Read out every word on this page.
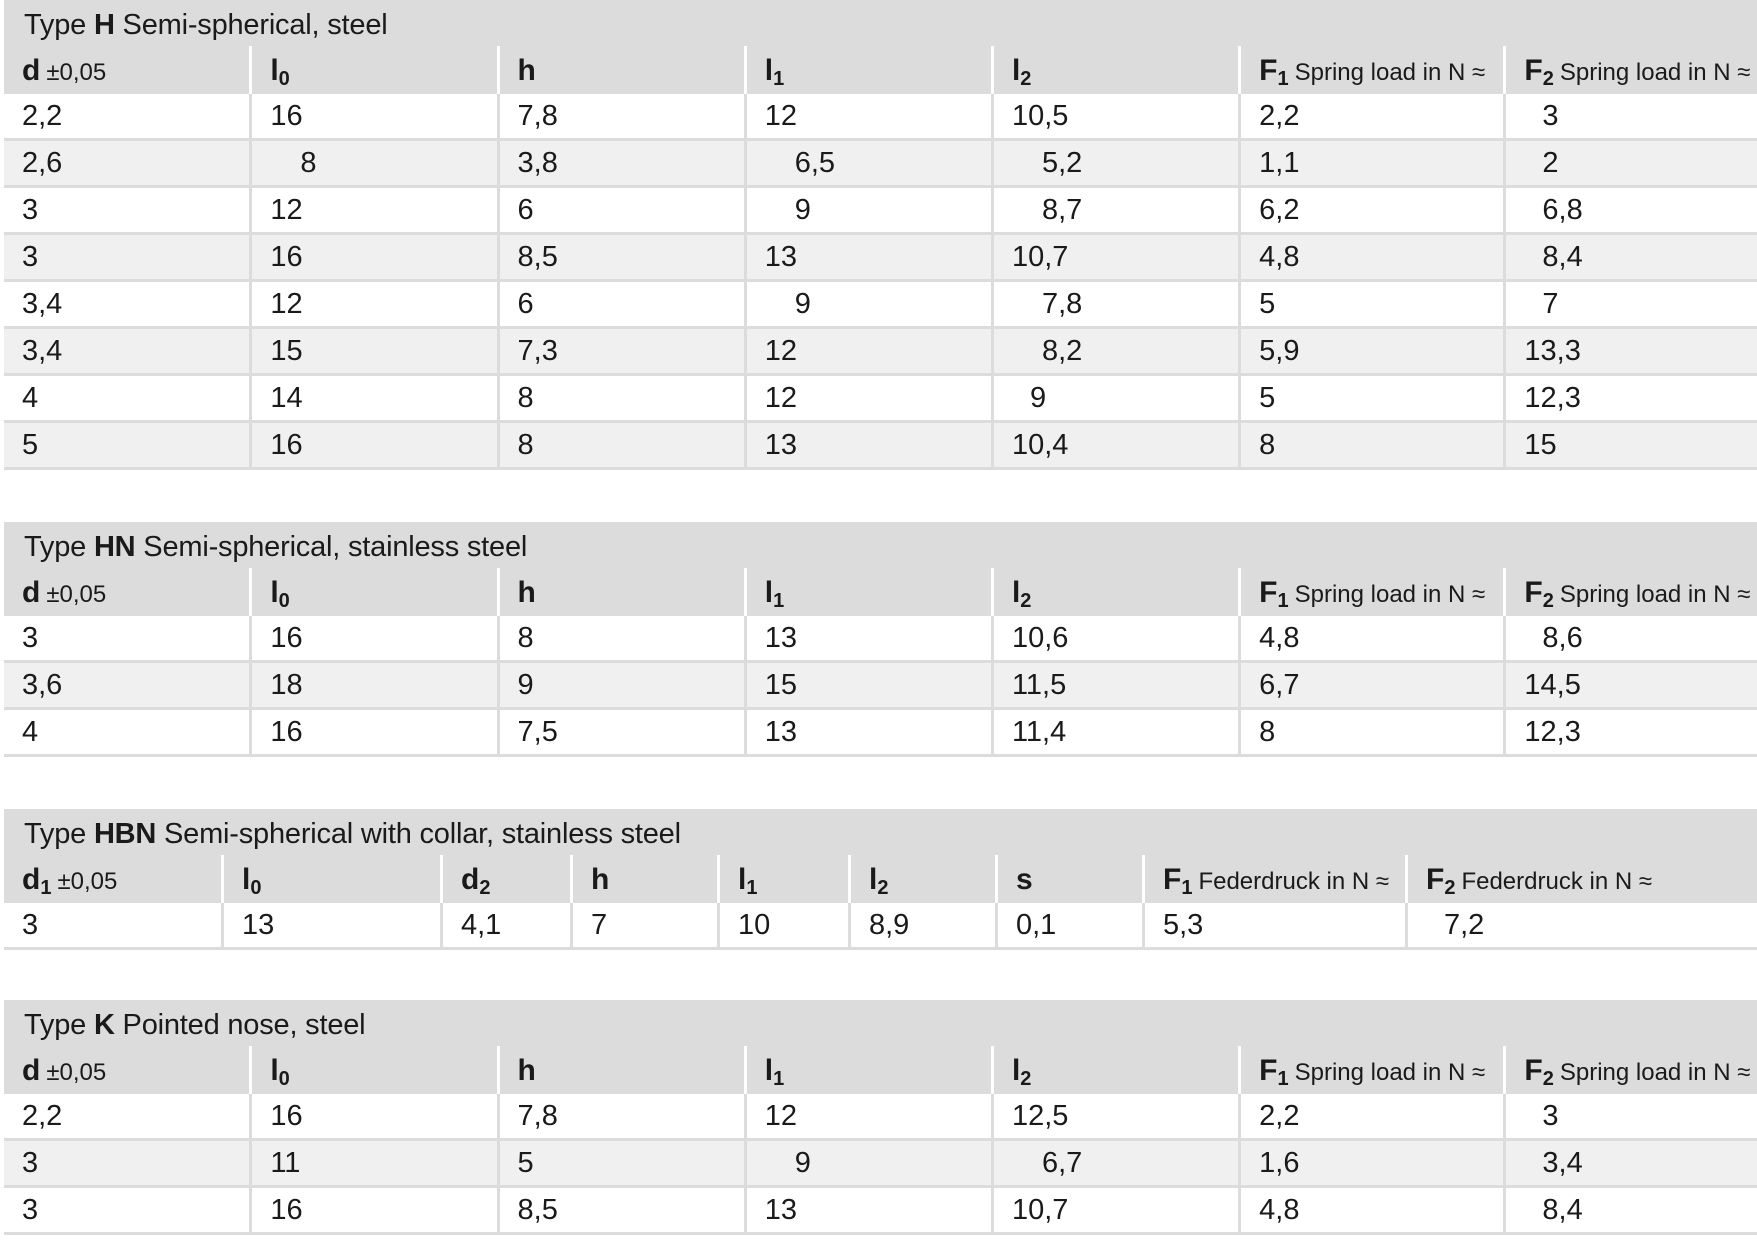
Type H Semi-spherical, steel
d ±0,05	l0	h	l1	l2	F1 Spring load in N ≈	F2 Spring load in N ≈
2,2	16	7,8	12	10,5	2,2	3
2,6	8	3,8	6,5	5,2	1,1	2
3	12	6	9	8,7	6,2	6,8
3	16	8,5	13	10,7	4,8	8,4
3,4	12	6	9	7,8	5	7
3,4	15	7,3	12	8,2	5,9	13,3
4	14	8	12	9	5	12,3
5	16	8	13	10,4	8	15
Type HN Semi-spherical, stainless steel
d ±0,05	l0	h	l1	l2	F1 Spring load in N ≈	F2 Spring load in N ≈
3	16	8	13	10,6	4,8	8,6
3,6	18	9	15	11,5	6,7	14,5
4	16	7,5	13	11,4	8	12,3
Type HBN Semi-spherical with collar, stainless steel
d1 ±0,05	l0	d2	h	l1	l2	s	F1 Federdruck in N ≈	F2 Federdruck in N ≈
3	13	4,1	7	10	8,9	0,1	5,3	7,2
Type K Pointed nose, steel
d ±0,05	l0	h	l1	l2	F1 Spring load in N ≈	F2 Spring load in N ≈
2,2	16	7,8	12	12,5	2,2	3
3	11	5	9	6,7	1,6	3,4
3	16	8,5	13	10,7	4,8	8,4
